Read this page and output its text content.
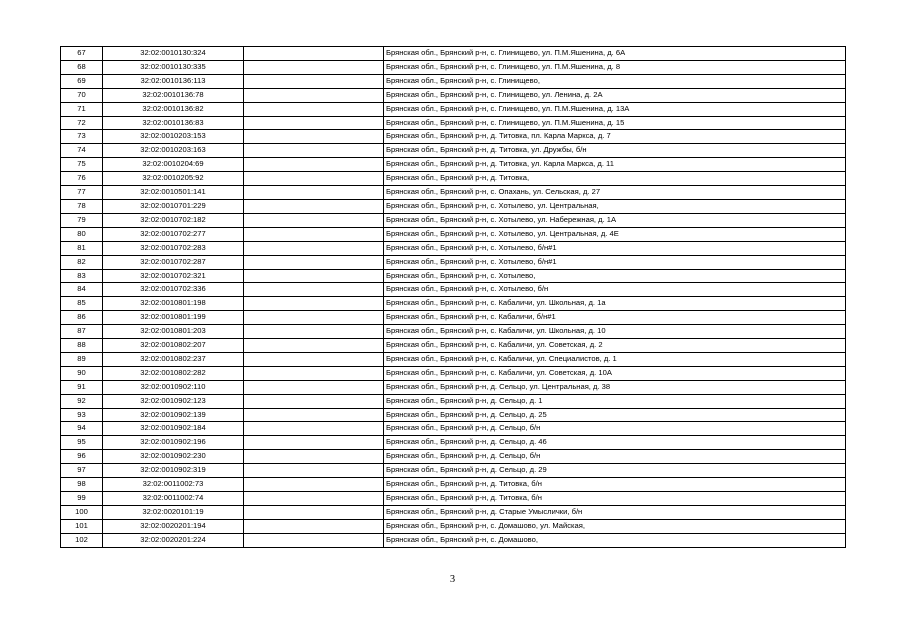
67	32:02:0010130:324		Брянская обл., Брянский р-н, с. Глинищево, ул. П.М.Яшенина, д. 6А
68	32:02:0010130:335		Брянская обл., Брянский р-н, с. Глинищево, ул. П.М.Яшенина, д. 8
69	32:02:0010136:113		Брянская обл., Брянский р-н, с. Глинищево,
70	32:02:0010136:78		Брянская обл., Брянский р-н, с. Глинищево, ул. Ленина, д. 2А
71	32:02:0010136:82		Брянская обл., Брянский р-н, с. Глинищево, ул. П.М.Яшенина, д. 13А
72	32:02:0010136:83		Брянская обл., Брянский р-н, с. Глинищево, ул. П.М.Яшенина, д. 15
73	32:02:0010203:153		Брянская обл., Брянский р-н, д. Титовка, пл. Карла Маркса, д. 7
74	32:02:0010203:163		Брянская обл., Брянский р-н, д. Титовка, ул. Дружбы, б/н
75	32:02:0010204:69		Брянская обл., Брянский р-н, д. Титовка, ул. Карла Маркса, д. 11
76	32:02:0010205:92		Брянская обл., Брянский р-н, д. Титовка,
77	32:02:0010501:141		Брянская обл., Брянский р-н, с. Опахань, ул. Сельская, д. 27
78	32:02:0010701:229		Брянская обл., Брянский р-н, с. Хотылево, ул. Центральная,
79	32:02:0010702:182		Брянская обл., Брянский р-н, с. Хотылево, ул. Набережная, д. 1А
80	32:02:0010702:277		Брянская обл., Брянский р-н, с. Хотылево, ул. Центральная, д. 4Е
81	32:02:0010702:283		Брянская обл., Брянский р-н, с. Хотылево, б/н#1
82	32:02:0010702:287		Брянская обл., Брянский р-н, с. Хотылево, б/н#1
83	32:02:0010702:321		Брянская обл., Брянский р-н, с. Хотылево,
84	32:02:0010702:336		Брянская обл., Брянский р-н, с. Хотылево, б/н
85	32:02:0010801:198		Брянская обл., Брянский р-н, с. Кабаличи, ул. Школьная, д. 1а
86	32:02:0010801:199		Брянская обл., Брянский р-н, с. Кабаличи, б/н#1
87	32:02:0010801:203		Брянская обл., Брянский р-н, с. Кабаличи, ул. Школьная, д. 10
88	32:02:0010802:207		Брянская обл., Брянский р-н, с. Кабаличи, ул. Советская, д. 2
89	32:02:0010802:237		Брянская обл., Брянский р-н, с. Кабаличи, ул. Специалистов, д. 1
90	32:02:0010802:282		Брянская обл., Брянский р-н, с. Кабаличи, ул. Советская, д. 10А
91	32:02:0010902:110		Брянская обл., Брянский р-н, д. Сельцо, ул. Центральная, д. 38
92	32:02:0010902:123		Брянская обл., Брянский р-н, д. Сельцо, д. 1
93	32:02:0010902:139		Брянская обл., Брянский р-н, д. Сельцо, д. 25
94	32:02:0010902:184		Брянская обл., Брянский р-н, д. Сельцо, б/н
95	32:02:0010902:196		Брянская обл., Брянский р-н, д. Сельцо, д. 46
96	32:02:0010902:230		Брянская обл., Брянский р-н, д. Сельцо, б/н
97	32:02:0010902:319		Брянская обл., Брянский р-н, д. Сельцо, д. 29
98	32:02:0011002:73		Брянская обл., Брянский р-н, д. Титовка, б/н
99	32:02:0011002:74		Брянская обл., Брянский р-н, д. Титовка, б/н
100	32:02:0020101:19		Брянская обл., Брянский р-н, д. Старые Умыслички, б/н
101	32:02:0020201:194		Брянская обл., Брянский р-н, с. Домашово, ул. Майская,
102	32:02:0020201:224		Брянская обл., Брянский р-н, с. Домашово,
3
